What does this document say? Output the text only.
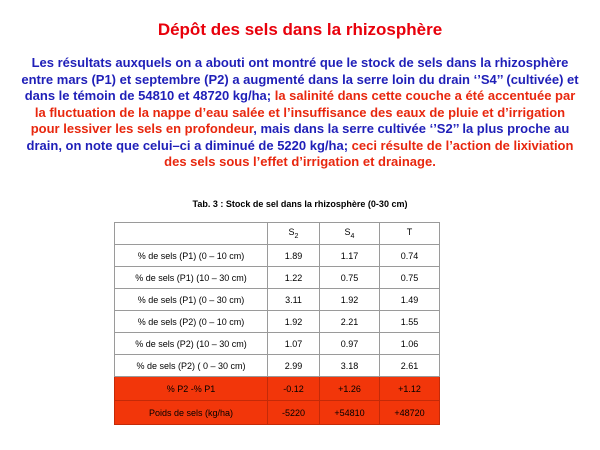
Dépôt des sels dans la rhizosphère
Les résultats auxquels on a abouti ont montré que le stock de sels dans la rhizosphère entre mars (P1) et septembre (P2) a augmenté dans la serre loin du drain ‘’S4’’ (cultivée) et dans le témoin de 54810 et 48720 kg/ha; la salinité dans cette couche a été accentuée par la fluctuation de la nappe d’eau salée et l’insuffisance des eaux de pluie et d’irrigation pour lessiver les sels en profondeur, mais dans la serre cultivée ‘’S2’’ la plus proche au drain, on note que celui–ci a diminué de 5220 kg/ha; ceci résulte de l’action de lixiviation des sels sous l’effet d’irrigation et drainage.
Tab. 3 : Stock de sel dans la rhizosphère (0-30 cm)
	$S_2$	$S_4$	T
% de sels (P1) (0 – 10 cm)	1.89	1.17	0.74
% de sels (P1) (10 – 30 cm)	1.22	0.75	0.75
% de sels (P1) (0 – 30 cm)	3.11	1.92	1.49
% de sels (P2) (0 – 10 cm)	1.92	2.21	1.55
% de sels (P2) (10 – 30 cm)	1.07	0.97	1.06
% de sels (P2) ( 0 – 30 cm)	2.99	3.18	2.61
% P2 -% P1	-0.12	+1.26	+1.12
Poids de sels (kg/ha)	-5220	+54810	+48720
